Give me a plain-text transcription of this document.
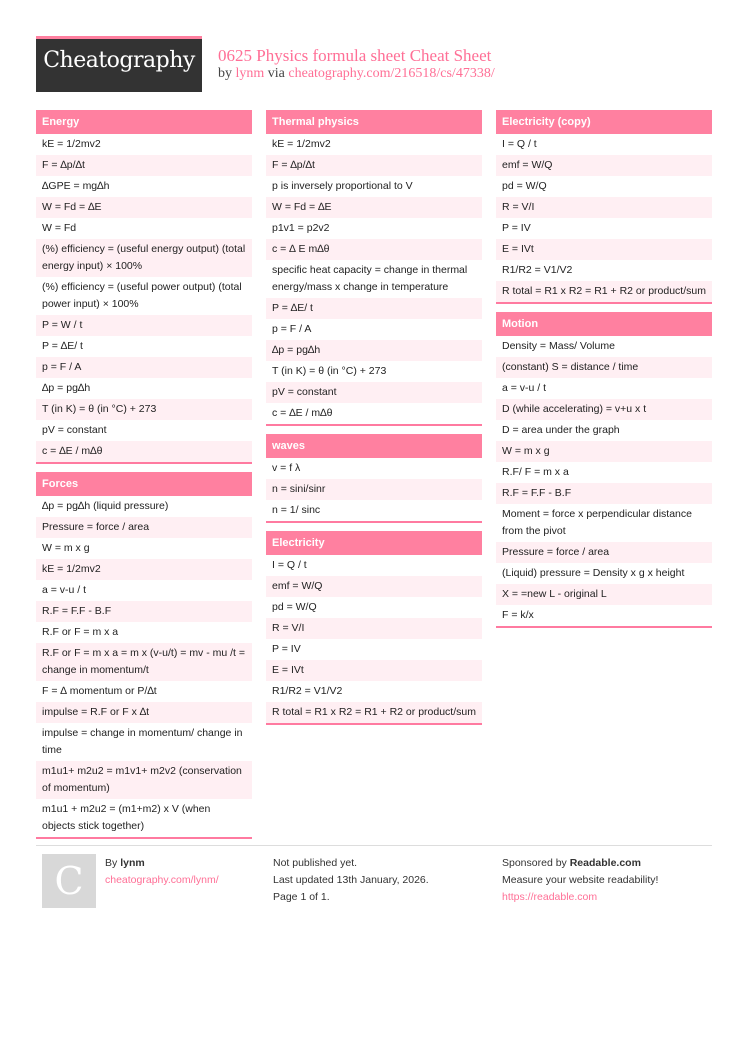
Cheatography	0625 Physics formula sheet Cheat Sheet
by lynm via cheatography.com/216518/cs/47338/
Energy
kE = 1/2mv2
F = ∆p/∆t
∆GPE = mg∆h
W = Fd = ∆E
W = Fd
(%) efficiency = (useful energy output) (total energy input) × 100%
(%) efficiency = (useful power output) (total power input) × 100%
P = W / t
P = ∆E/ t
p = F / A
∆p = pg∆h
T (in K) = θ (in °C) + 273
pV = constant
c = ∆E / m∆θ
Forces
∆p = pg∆h (liquid pressure)
Pressure = force / area
W = m x g
kE = 1/2mv2
a = v-u / t
R.F = F.F - B.F
R.F or F = m x a
R.F or F = m x a = m x (v-u/t) = mv - mu /t = change in momentum/t
F = ∆ momentum or P/∆t
impulse = R.F or F x ∆t
impulse = change in momentum/ change in time
m1u1+ m2u2 = m1v1+ m2v2 (conservation of momentum)
m1u1 + m2u2 = (m1+m2) x V (when objects stick together)
Thermal physics
kE = 1/2mv2
F = ∆p/∆t
p is inversely proportional to V
W = Fd = ∆E
p1v1 = p2v2
c = ∆ E m∆θ
specific heat capacity = change in thermal energy/mass x change in temperature
P = ∆E/ t
p = F / A
∆p = pg∆h
T (in K) = θ (in °C) + 273
pV = constant
c = ∆E / m∆θ
waves
v = f λ
n = sini/sinr
n = 1/ sinc
Electricity
I = Q / t
emf = W/Q
pd = W/Q
R = V/I
P = IV
E = IVt
R1/R2 = V1/V2
R total = R1 x R2 = R1 + R2 or product/sum
Electricity (copy)
I = Q / t
emf = W/Q
pd = W/Q
R = V/I
P = IV
E = IVt
R1/R2 = V1/V2
R total = R1 x R2 = R1 + R2 or product/sum
Motion
Density = Mass/ Volume
(constant) S = distance / time
a = v-u / t
D (while accelerating) = v+u x t
D = area under the graph
W = m x g
R.F/ F = m x a
R.F = F.F - B.F
Moment = force x perpendicular distance from the pivot
Pressure = force / area
(Liquid) pressure = Density x g x height
X = =new L - original L
F = k/x
C	By lynm
cheatography.com/lynm/
Not published yet.
Last updated 13th January, 2026.
Page 1 of 1.
Sponsored by Readable.com
Measure your website readability!
https://readable.com
